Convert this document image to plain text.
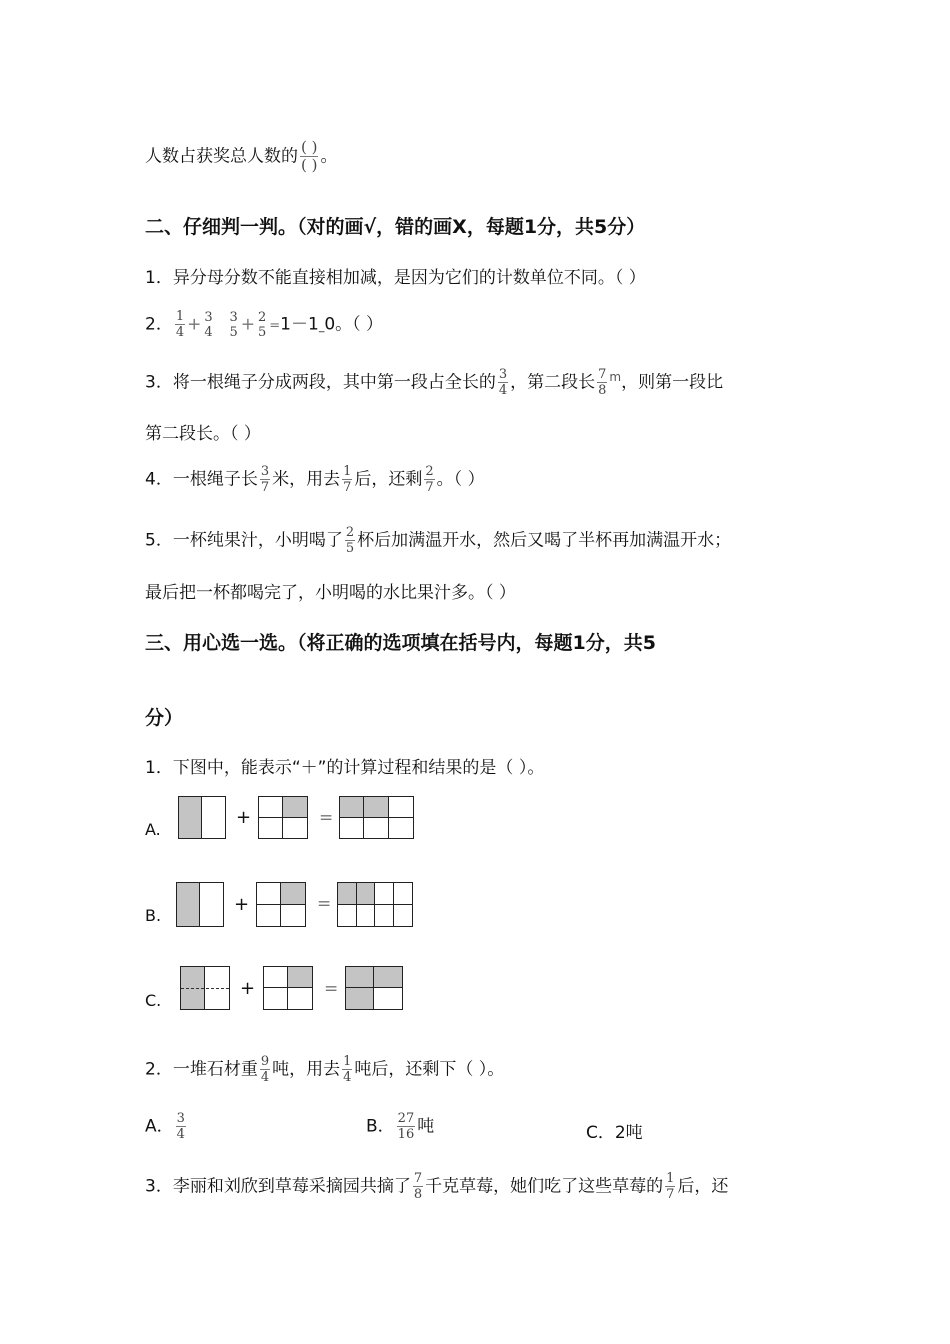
人数占获奖总人数的 ( )
( ) 。
二、仔细判一判。（对的画√，错的画X，每题1分，共5分）
1．异分母分数不能直接相加减，是因为它们的计数单位不同。（ ）
2． $\frac{1}{4} + 3$
4

3
5 + 2
5 =1－1​_0。（ ）
3．将一根绳子分成两段，其中第一段占全长的 $\frac{3}{4}$ ，第二段长 $\frac{7}{8} ^m$，则第一段比
第二段长。（ ）
4．一根绳子长 $\frac{3}{7}$ 米，用去 $\frac{1}{7}$ 后，还剩 $\frac{2}{7}$ 。（ ）
5．一杯纯果汁，小明喝了 $\frac{2}{5}$ 杯后加满温开水，然后又喝了半杯再加满温开水；
最后把一杯都喝完了，小明喝的水比果汁多。（ ）
三、用心选一选。（将正确的选项填在括号内，每题1分，共5
分）
1．下图中，能表示“＋”的计算过程和结果的是（ ）。
A.
+	=
B.
+	=
C.
+	=
2．一堆石材重 $\frac{9}{4}$ 吨，用去 $\frac{1}{4}$ 吨后，还剩下（ ）。
A． $\frac{3}{4}$	B． $\frac{27}{16}$ 吨	C．2吨
3．李丽和刘欣到草莓采摘园共摘了 $\frac{7}{8}$ 千克草莓，她们吃了这些草莓的 $\frac{1}{7}$ 后，还
